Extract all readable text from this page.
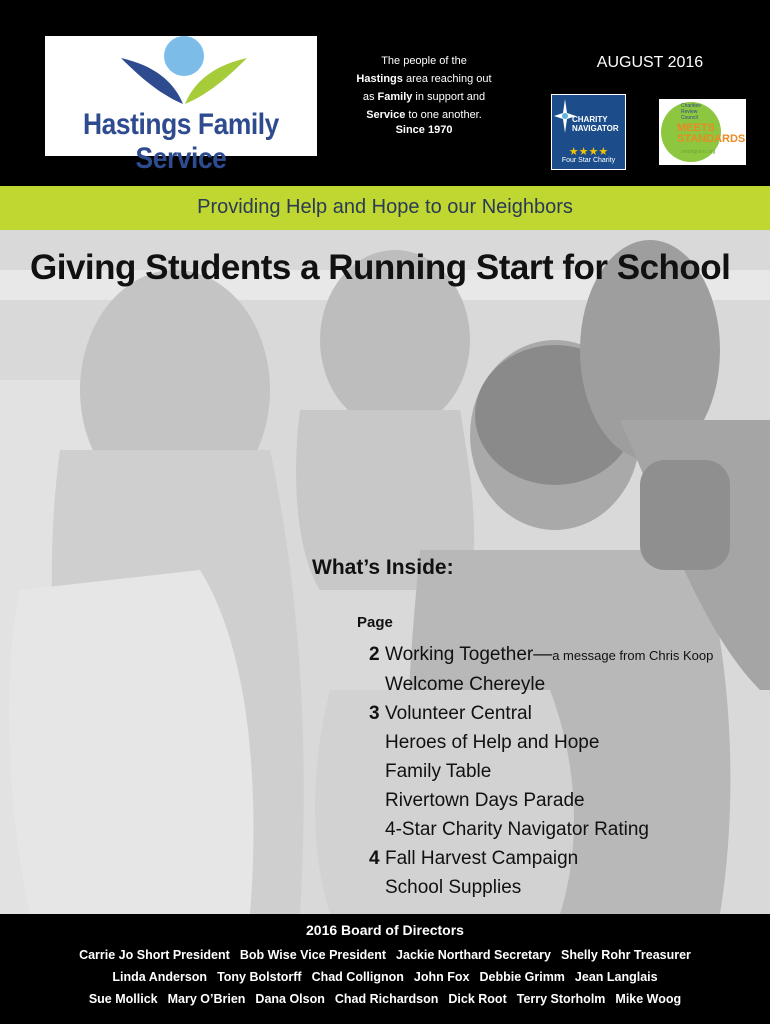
Hastings Family Service
The people of the
Hastings area reaching out
as Family in support and
Service to one another.
Since 1970
AUGUST 2016
CHARITY
NAVIGATOR
★★★★
Four Star Charity
Charities
Review
Council
MEETS
STANDARDS
smartgivers.org
Providing Help and Hope to our Neighbors
Giving Students a Running Start for School
What’s Inside:
Page
2 Working Together—a message from Chris Koop
Welcome Chereyle
3 Volunteer Central
Heroes of Help and Hope
Family Table
Rivertown Days Parade
4-Star Charity Navigator Rating
4 Fall Harvest Campaign
School Supplies
2016 Board of Directors
Carrie Jo Short President Bob Wise Vice President Jackie Northard Secretary Shelly Rohr Treasurer
Linda Anderson Tony Bolstorff Chad Collignon John Fox Debbie Grimm Jean Langlais
Sue Mollick Mary O’Brien Dana Olson Chad Richardson Dick Root Terry Storholm Mike Woog
